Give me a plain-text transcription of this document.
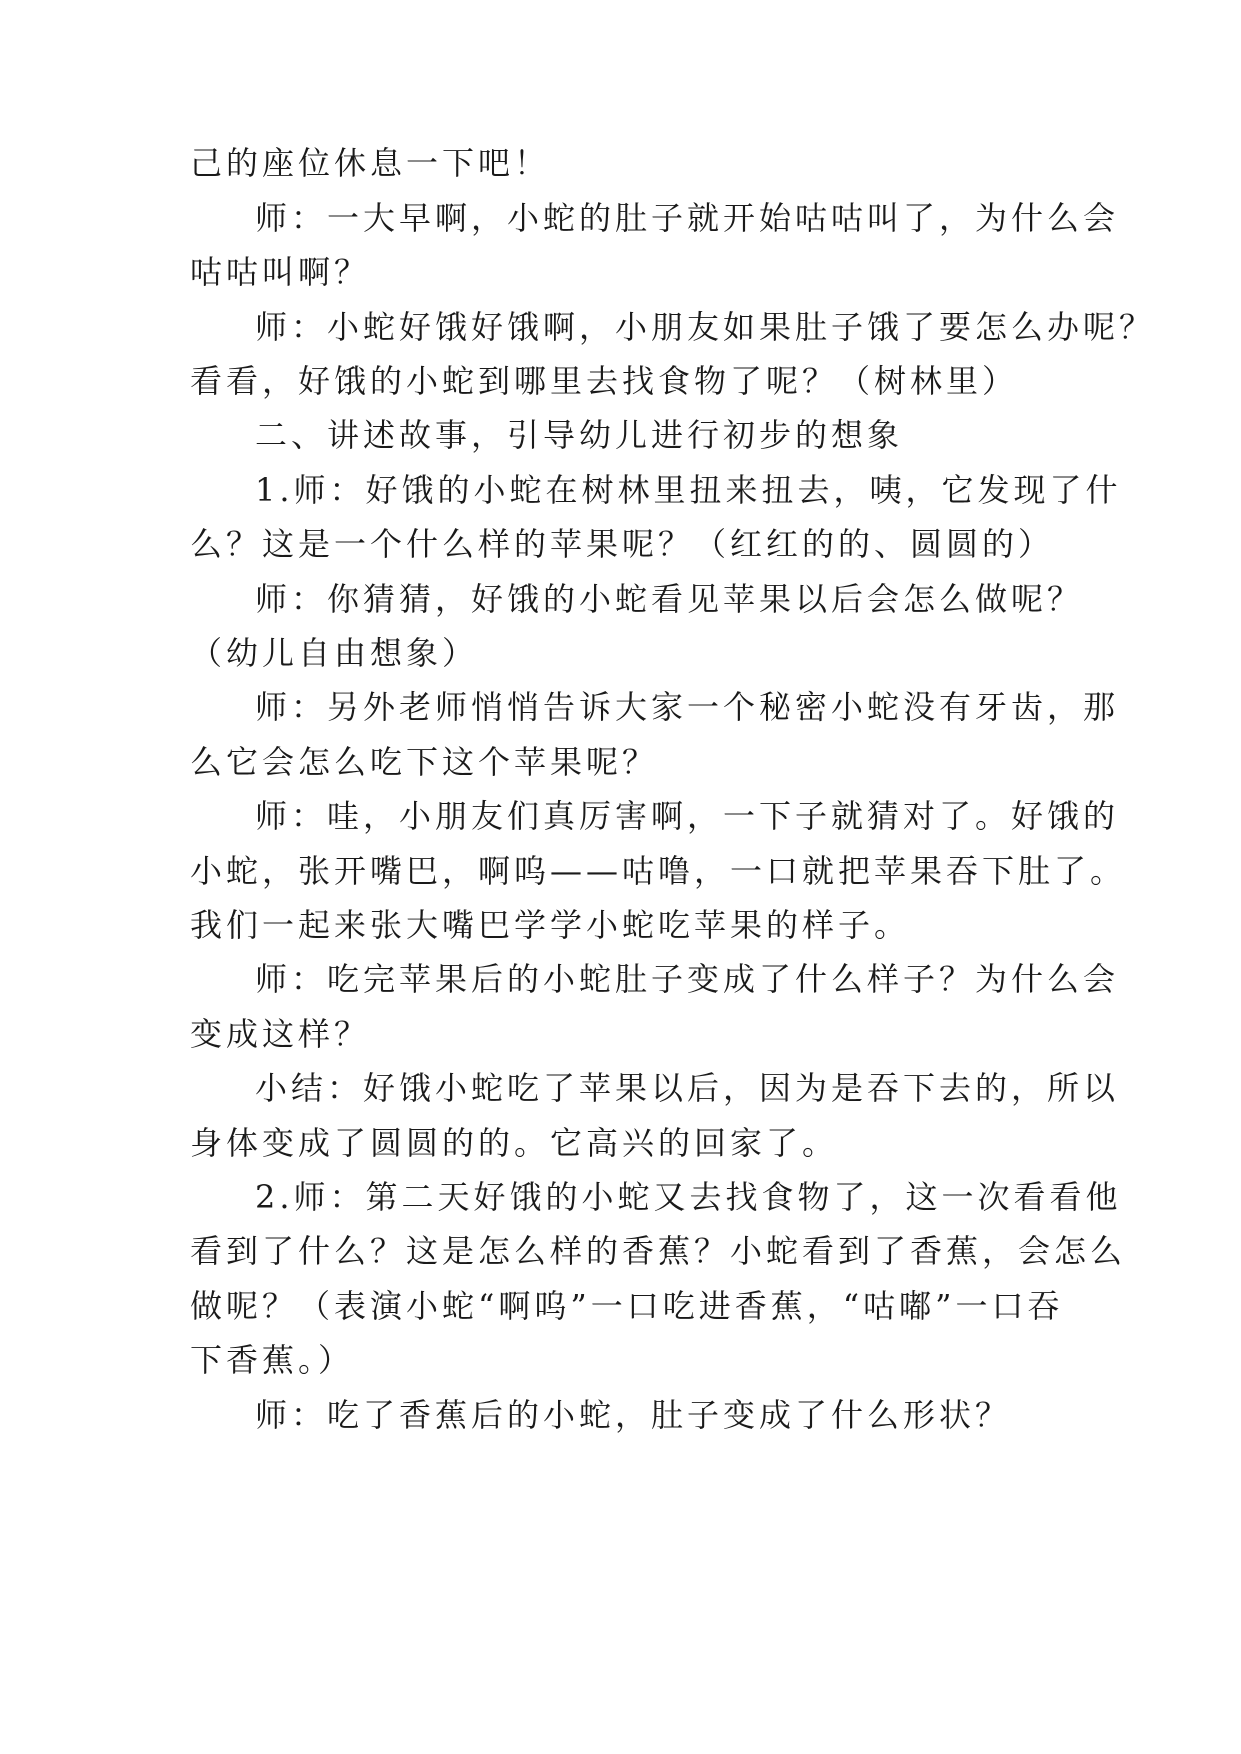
己的座位休息一下吧！
师：一大早啊，小蛇的肚子就开始咕咕叫了，为什么会
咕咕叫啊？
师：小蛇好饿好饿啊，小朋友如果肚子饿了要怎么办呢？
看看，好饿的小蛇到哪里去找食物了呢？（树林里）
二、讲述故事，引导幼儿进行初步的想象
1.师：好饿的小蛇在树林里扭来扭去，咦，它发现了什
么？这是一个什么样的苹果呢？（红红的的、圆圆的）
师：你猜猜，好饿的小蛇看见苹果以后会怎么做呢？
（幼儿自由想象）
师：另外老师悄悄告诉大家一个秘密小蛇没有牙齿，那
么它会怎么吃下这个苹果呢？
师：哇，小朋友们真厉害啊，一下子就猜对了。好饿的
小蛇，张开嘴巴，啊呜——咕噜，一口就把苹果吞下肚了。
我们一起来张大嘴巴学学小蛇吃苹果的样子。
师：吃完苹果后的小蛇肚子变成了什么样子？为什么会
变成这样？
小结：好饿小蛇吃了苹果以后，因为是吞下去的，所以
身体变成了圆圆的的。它高兴的回家了。
2.师：第二天好饿的小蛇又去找食物了，这一次看看他
看到了什么？这是怎么样的香蕉？小蛇看到了香蕉，会怎么
做呢？（表演小蛇“啊呜”一口吃进香蕉，“咕嘟”一口吞
下香蕉。）
师：吃了香蕉后的小蛇，肚子变成了什么形状？
